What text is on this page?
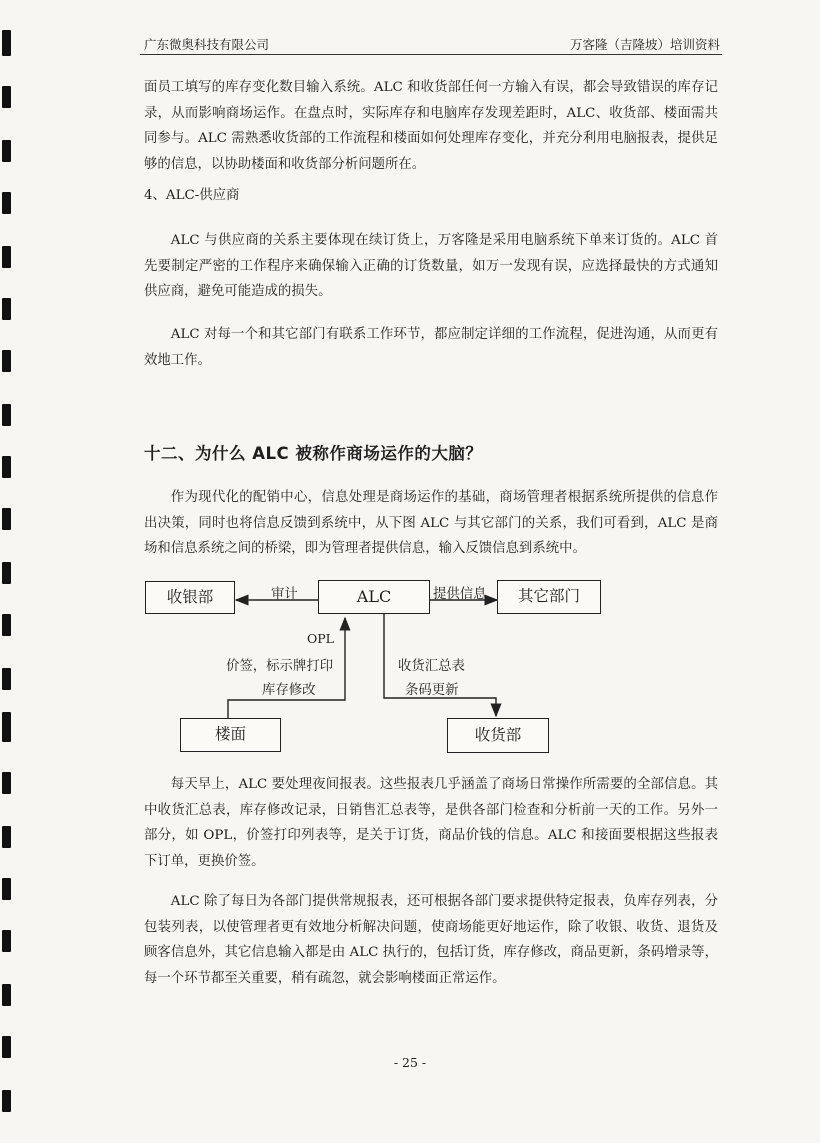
广东微奥科技有限公司	万客隆（吉隆坡）培训资料

面员工填写的库存变化数目输入系统。ALC 和收货部任何一方输入有误，都会导致错误的库存记录，从而影响商场运作。在盘点时，实际库存和电脑库存发现差距时，ALC、收货部、楼面需共同参与。ALC 需熟悉收货部的工作流程和楼面如何处理库存变化，并充分利用电脑报表，提供足够的信息，以协助楼面和收货部分析问题所在。

4、ALC-供应商

ALC 与供应商的关系主要体现在续订货上，万客隆是采用电脑系统下单来订货的。ALC 首先要制定严密的工作程序来确保输入正确的订货数量，如万一发现有误，应选择最快的方式通知供应商，避免可能造成的损失。

ALC 对每一个和其它部门有联系工作环节，都应制定详细的工作流程，促进沟通，从而更有效地工作。

十二、为什么 ALC 被称作商场运作的大脑？

作为现代化的配销中心，信息处理是商场运作的基础，商场管理者根据系统所提供的信息作出决策，同时也将信息反馈到系统中，从下图 ALC 与其它部门的关系，我们可看到，ALC 是商场和信息系统之间的桥梁，即为管理者提供信息，输入反馈信息到系统中。

收银部	ALC	其它部门
楼面	收货部
审计	提供信息
OPL
价签，标示牌打印
库存修改
收货汇总表
条码更新

每天早上，ALC 要处理夜间报表。这些报表几乎涵盖了商场日常操作所需要的全部信息。其中收货汇总表，库存修改记录，日销售汇总表等，是供各部门检查和分析前一天的工作。另外一部分，如 OPL，价签打印列表等，是关于订货，商品价钱的信息。ALC 和接面要根据这些报表下订单，更换价签。

ALC 除了每日为各部门提供常规报表，还可根据各部门要求提供特定报表，负库存列表，分包装列表，以使管理者更有效地分析解决问题，使商场能更好地运作，除了收银、收货、退货及顾客信息外，其它信息输入都是由 ALC 执行的，包括订货，库存修改，商品更新，条码增录等，每一个环节都至关重要，稍有疏忽，就会影响楼面正常运作。

- 25 -
